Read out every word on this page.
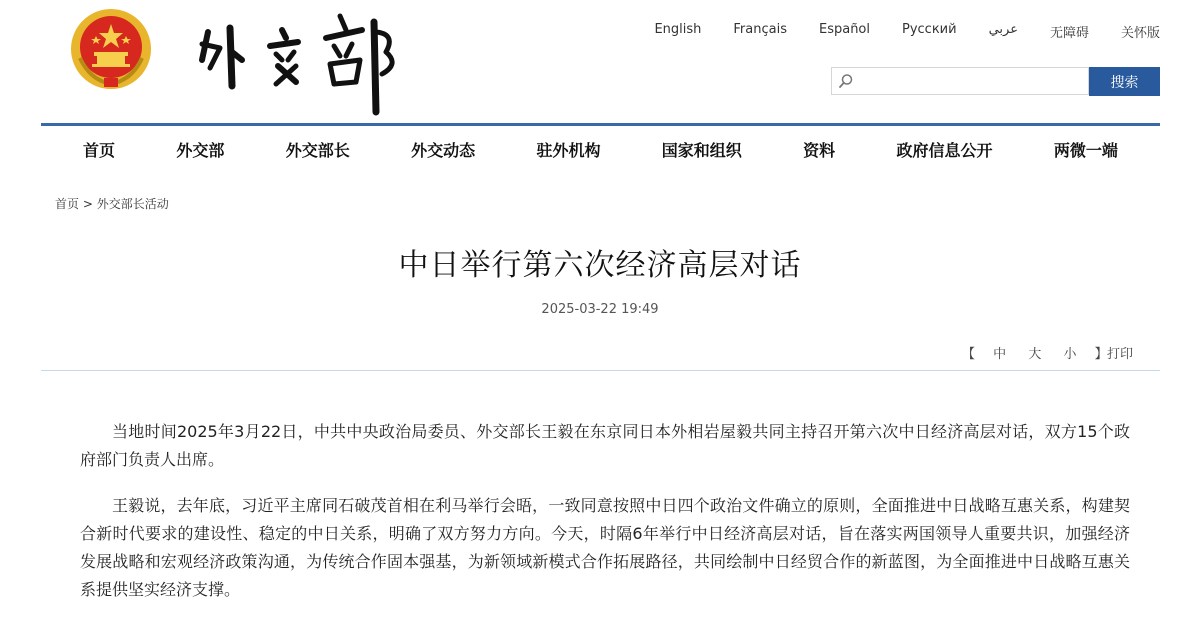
English Français Español Русский عربي 无障碍 关怀版
搜索
首页	外交部	外交部长	外交动态	驻外机构	国家和组织	资料	政府信息公开	两微一端
首页 > 外交部长活动
中日举行第六次经济高层对话
2025-03-22 19:49
【 中 大 小 】 打印

当地时间2025年3月22日，中共中央政治局委员、外交部长王毅在东京同日本外相岩屋毅共同主持召开第六次中日经济高层对话，双方15个政府部门负责人出席。

王毅说，去年底，习近平主席同石破茂首相在利马举行会晤，一致同意按照中日四个政治文件确立的原则，全面推进中日战略互惠关系，构建契合新时代要求的建设性、稳定的中日关系，明确了双方努力方向。今天，时隔6年举行中日经济高层对话，旨在落实两国领导人重要共识，加强经济发展战略和宏观经济政策沟通，为传统合作固本强基，为新领域新模式合作拓展路径，共同绘制中日经贸合作的新蓝图，为全面推进中日战略互惠关系提供坚实经济支撑。
